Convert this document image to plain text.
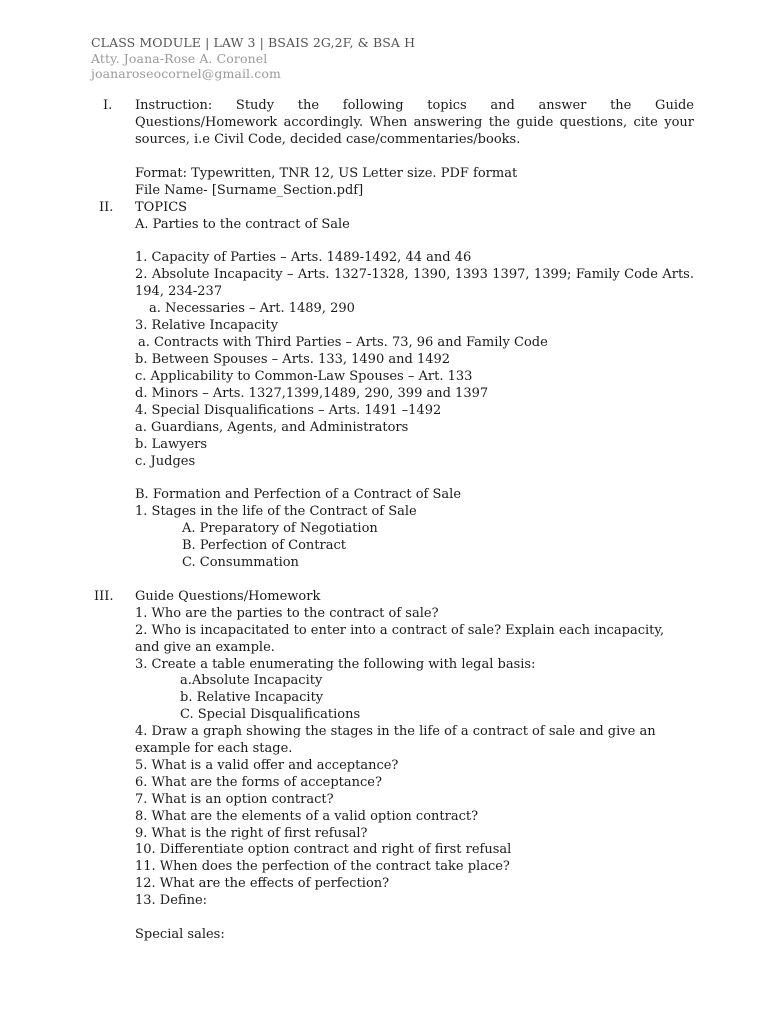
CLASS MODULE | LAW 3 | BSAIS 2G,2F, & BSA H
Atty. Joana-Rose A. Coronel
joanaroseocornel@gmail.com
I. Instruction: Study the following topics and answer the Guide
Questions/Homework accordingly. When answering the guide questions, cite your
sources, i.e Civil Code, decided case/commentaries/books.
Format: Typewritten, TNR 12, US Letter size. PDF format
File Name- [Surname_Section.pdf]
II. TOPICS
A. Parties to the contract of Sale
1. Capacity of Parties – Arts. 1489-1492, 44 and 46
2. Absolute Incapacity – Arts. 1327-1328, 1390, 1393 1397, 1399; Family Code Arts.
194, 234-237
a. Necessaries – Art. 1489, 290
3. Relative Incapacity
a. Contracts with Third Parties – Arts. 73, 96 and Family Code
b. Between Spouses – Arts. 133, 1490 and 1492
c. Applicability to Common-Law Spouses – Art. 133
d. Minors – Arts. 1327,1399,1489, 290, 399 and 1397
4. Special Disqualifications – Arts. 1491 –1492
a. Guardians, Agents, and Administrators
b. Lawyers
c. Judges
B. Formation and Perfection of a Contract of Sale
1. Stages in the life of the Contract of Sale
A. Preparatory of Negotiation
B. Perfection of Contract
C. Consummation
III. Guide Questions/Homework
1. Who are the parties to the contract of sale?
2. Who is incapacitated to enter into a contract of sale? Explain each incapacity,
and give an example.
3. Create a table enumerating the following with legal basis:
a.Absolute Incapacity
b. Relative Incapacity
C. Special Disqualifications
4. Draw a graph showing the stages in the life of a contract of sale and give an
example for each stage.
5. What is a valid offer and acceptance?
6. What are the forms of acceptance?
7. What is an option contract?
8. What are the elements of a valid option contract?
9. What is the right of first refusal?
10. Differentiate option contract and right of first refusal
11. When does the perfection of the contract take place?
12. What are the effects of perfection?
13. Define:
Special sales:
